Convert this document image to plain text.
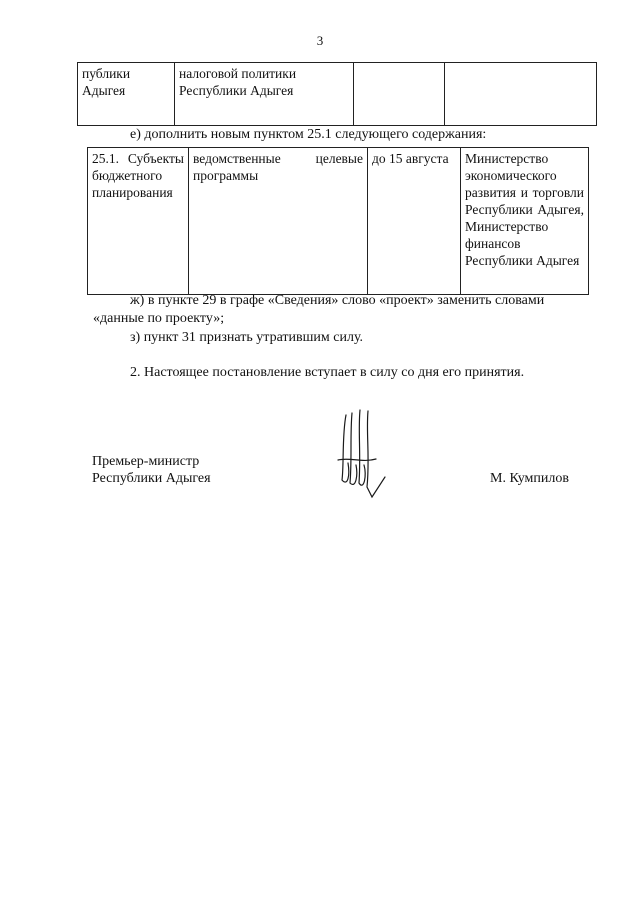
3
публики Адыгея	налоговой политики Республики Адыгея		
е) дополнить новым пунктом 25.1 следующего содержания:
25.1. Субъекты бюджетного планирования	ведомственные целевые программы	до 15 августа	Министерство экономического развития и торговли Республики Адыгея, Министерство финансов Республики Адыгея
ж) в пункте 29 в графе «Сведения» слово «проект» заменить словами
«данные по проекту»;
з) пункт 31 признать утратившим силу.
2. Настоящее постановление вступает в силу со дня его принятия.
Премьер-министр
Республики Адыгея	М. Кумпилов
